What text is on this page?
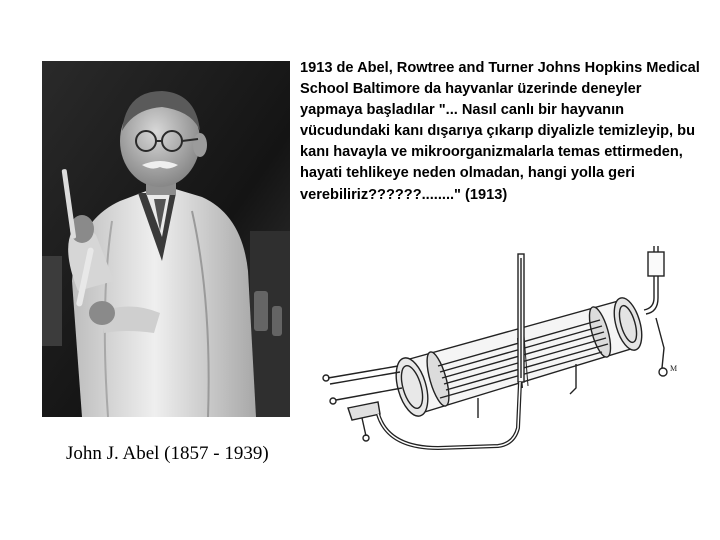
John J. Abel (1857 - 1939)
1913 de Abel, Rowtree and Turner Johns Hopkins Medical School Baltimore da hayvanlar üzerinde deneyler yapmaya başladılar "... Nasıl canlı bir hayvanın vücudundaki kanı dışarıya çıkarıp diyalizle temizleyip, bu kanı havayla ve mikroorganizmalarla temas ettirmeden, hayati tehlikeye neden olmadan, hangi yolla geri verebiliriz??????........" (1913)
M
